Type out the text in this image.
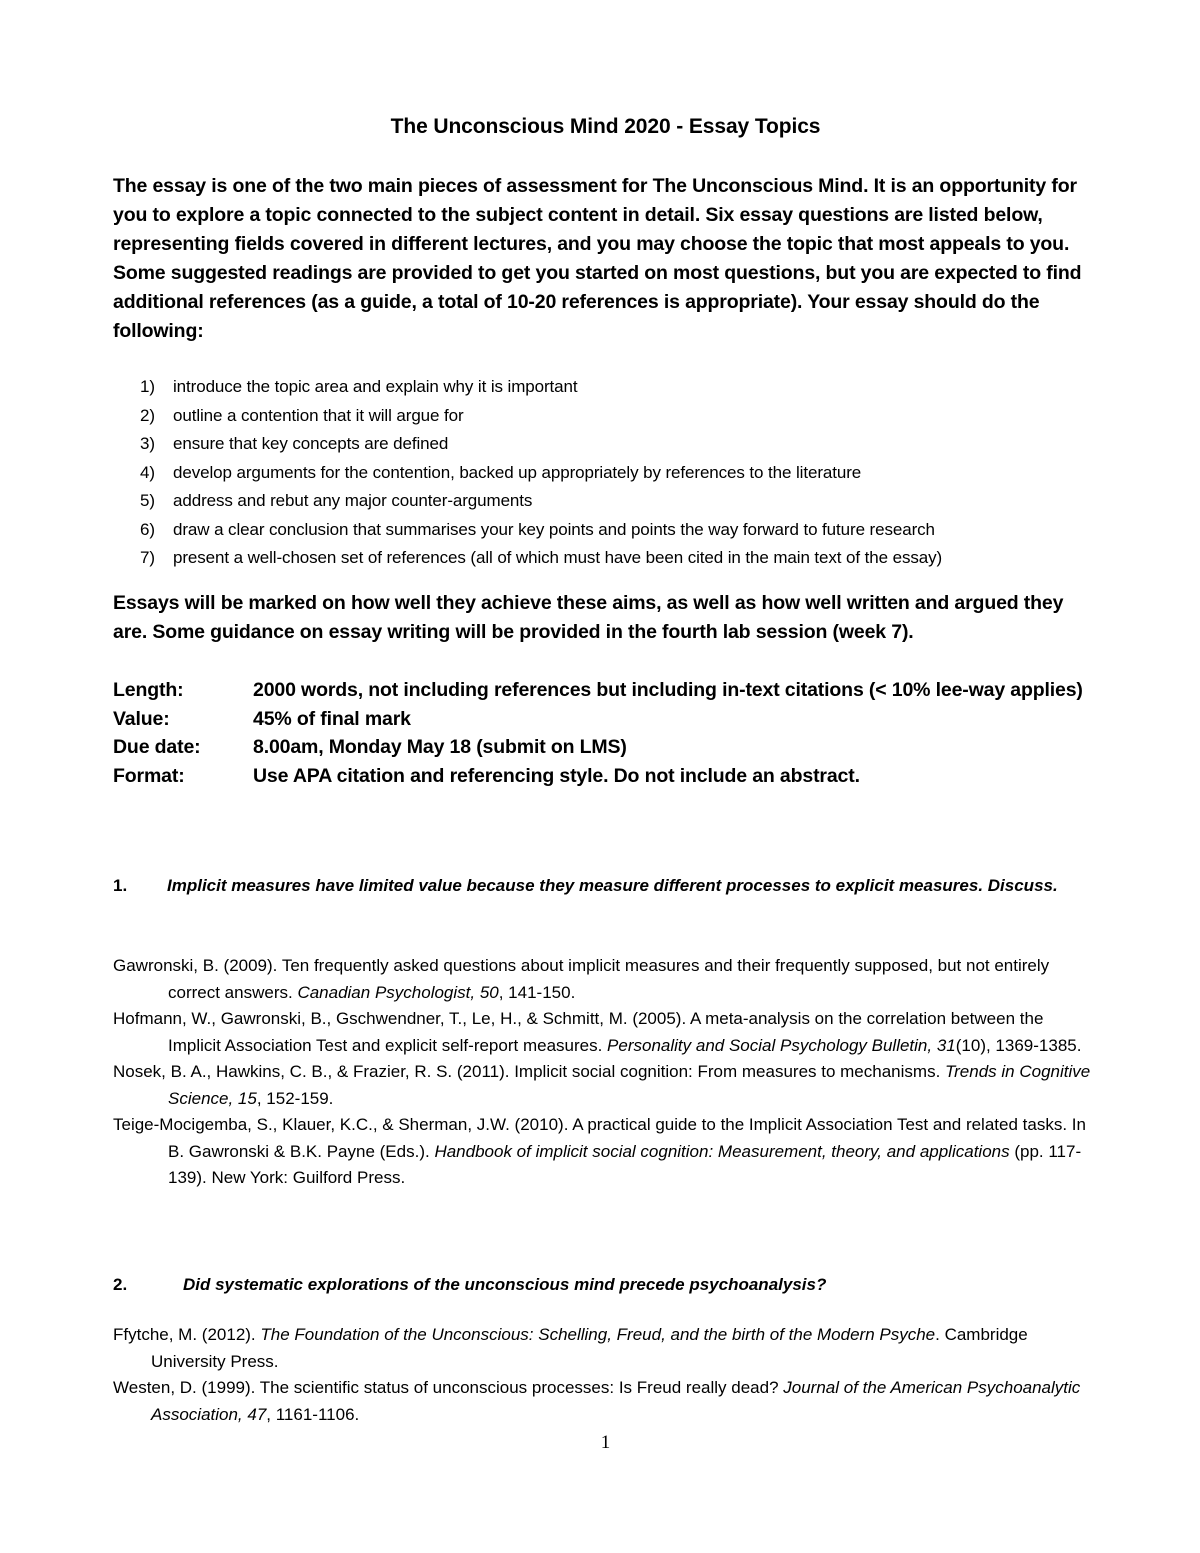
The Unconscious Mind 2020 - Essay Topics

The essay is one of the two main pieces of assessment for The Unconscious Mind. It is an opportunity for you to explore a topic connected to the subject content in detail. Six essay questions are listed below, representing fields covered in different lectures, and you may choose the topic that most appeals to you. Some suggested readings are provided to get you started on most questions, but you are expected to find additional references (as a guide, a total of 10-20 references is appropriate). Your essay should do the following:

1) introduce the topic area and explain why it is important
2) outline a contention that it will argue for
3) ensure that key concepts are defined
4) develop arguments for the contention, backed up appropriately by references to the literature
5) address and rebut any major counter-arguments
6) draw a clear conclusion that summarises your key points and points the way forward to future research
7) present a well-chosen set of references (all of which must have been cited in the main text of the essay)

Essays will be marked on how well they achieve these aims, as well as how well written and argued they are. Some guidance on essay writing will be provided in the fourth lab session (week 7).

Length:	2000 words, not including references but including in-text citations (< 10% lee-way applies)
Value:	45% of final mark
Due date:	8.00am, Monday May 18 (submit on LMS)
Format:	Use APA citation and referencing style. Do not include an abstract.
1.	Implicit measures have limited value because they measure different processes to explicit measures. Discuss.
Gawronski, B. (2009). Ten frequently asked questions about implicit measures and their frequently supposed, but not entirely correct answers. Canadian Psychologist, 50, 141-150.
Hofmann, W., Gawronski, B., Gschwendner, T., Le, H., & Schmitt, M. (2005). A meta-analysis on the correlation between the Implicit Association Test and explicit self-report measures. Personality and Social Psychology Bulletin, 31(10), 1369-1385.
Nosek, B. A., Hawkins, C. B., & Frazier, R. S. (2011). Implicit social cognition: From measures to mechanisms. Trends in Cognitive Science, 15, 152-159.
Teige-Mocigemba, S., Klauer, K.C., & Sherman, J.W. (2010). A practical guide to the Implicit Association Test and related tasks. In B. Gawronski & B.K. Payne (Eds.). Handbook of implicit social cognition: Measurement, theory, and applications (pp. 117-139). New York: Guilford Press.
2.	Did systematic explorations of the unconscious mind precede psychoanalysis?
Ffytche, M. (2012). The Foundation of the Unconscious: Schelling, Freud, and the birth of the Modern Psyche. Cambridge University Press.
Westen, D. (1999). The scientific status of unconscious processes: Is Freud really dead? Journal of the American Psychoanalytic Association, 47, 1161-1106.
1
